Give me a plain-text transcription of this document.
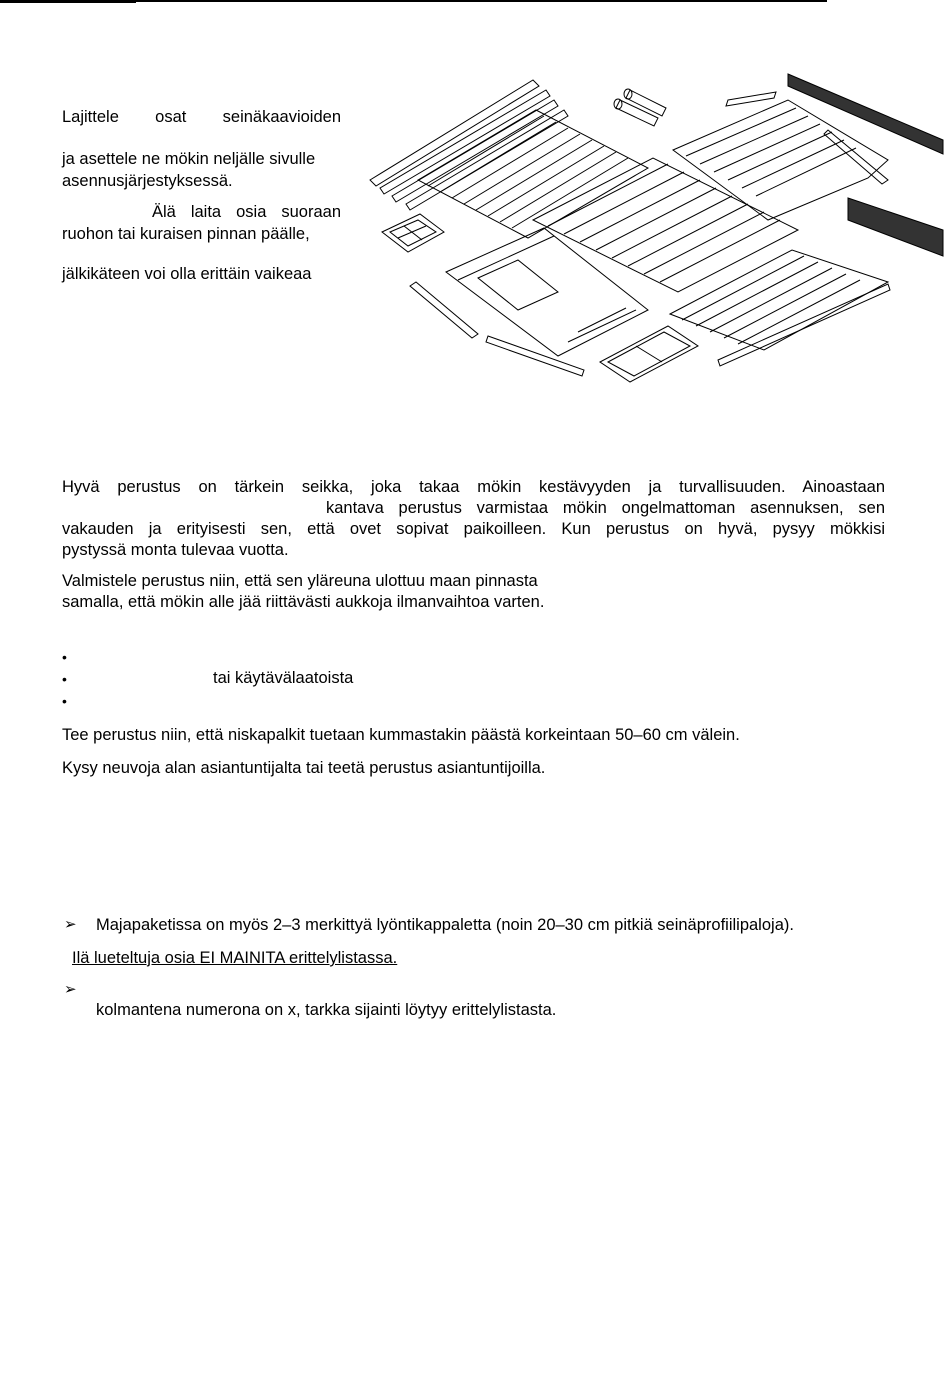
Lajittele osat seinäkaavioiden
ja asettele ne mökin neljälle sivulle
asennusjärjestyksessä.
Älä laita osia suoraan
ruohon tai kuraisen pinnan päälle,
jälkikäteen voi olla erittäin vaikeaa
Hyvä perustus on tärkein seikka, joka takaa mökin kestävyyden ja turvallisuuden. Ainoastaan
kantava perustus varmistaa mökin ongelmattoman asennuksen, sen
vakauden ja erityisesti sen, että ovet sopivat paikoilleen. Kun perustus on hyvä, pysyy mökkisi
pystyssä monta tulevaa vuotta.
Valmistele perustus niin, että sen yläreuna ulottuu maan pinnasta
samalla, että mökin alle jää riittävästi aukkoja ilmanvaihtoa varten.
•
•	tai käytävälaatoista
•
Tee perustus niin, että niskapalkit tuetaan kummastakin päästä korkeintaan 50–60 cm välein.
Kysy neuvoja alan asiantuntijalta tai teetä perustus asiantuntijoilla.
➢ Majapaketissa on myös 2–3 merkittyä lyöntikappaletta (noin 20–30 cm pitkiä seinäprofiilipaloja).
Ilä lueteltuja osia EI MAINITA erittelylistassa.
➢
kolmantena numerona on x, tarkka sijainti löytyy erittelylistasta.
